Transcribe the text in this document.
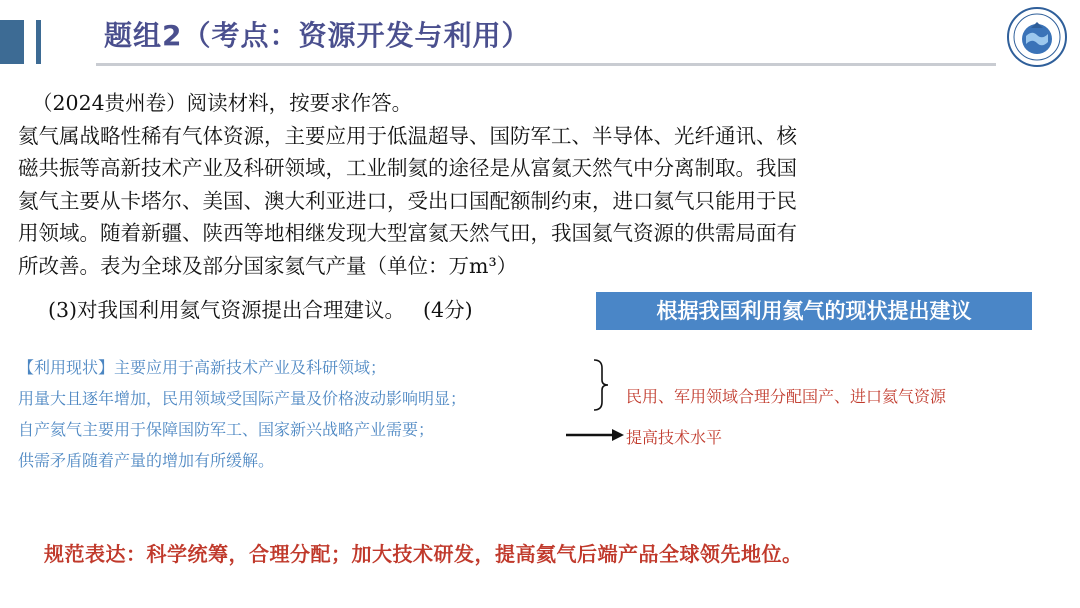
题组2（考点：资源开发与利用）

（2024贵州卷）阅读材料，按要求作答。

氦气属战略性稀有气体资源，主要应用于低温超导、国防军工、半导体、光纤通讯、核

磁共振等高新技术产业及科研领域，工业制氦的途径是从富氦天然气中分离制取。我国

氦气主要从卡塔尔、美国、澳大利亚进口，受出口国配额制约束，进口氦气只能用于民

用领域。随着新疆、陕西等地相继发现大型富氦天然气田，我国氦气资源的供需局面有

所改善。表为全球及部分国家氦气产量（单位：万m³）

(3)对我国利用氦气资源提出合理建议。 (4分)	根据我国利用氦气的现状提出建议
【利用现状】主要应用于高新技术产业及科研领域；
用量大且逐年增加，民用领域受国际产量及价格波动影响明显；
自产氦气主要用于保障国防军工、国家新兴战略产业需要；
供需矛盾随着产量的增加有所缓解。
民用、军用领域合理分配国产、进口氦气资源
提高技术水平
规范表达：科学统筹，合理分配；加大技术研发，提高氦气后端产品全球领先地位。
